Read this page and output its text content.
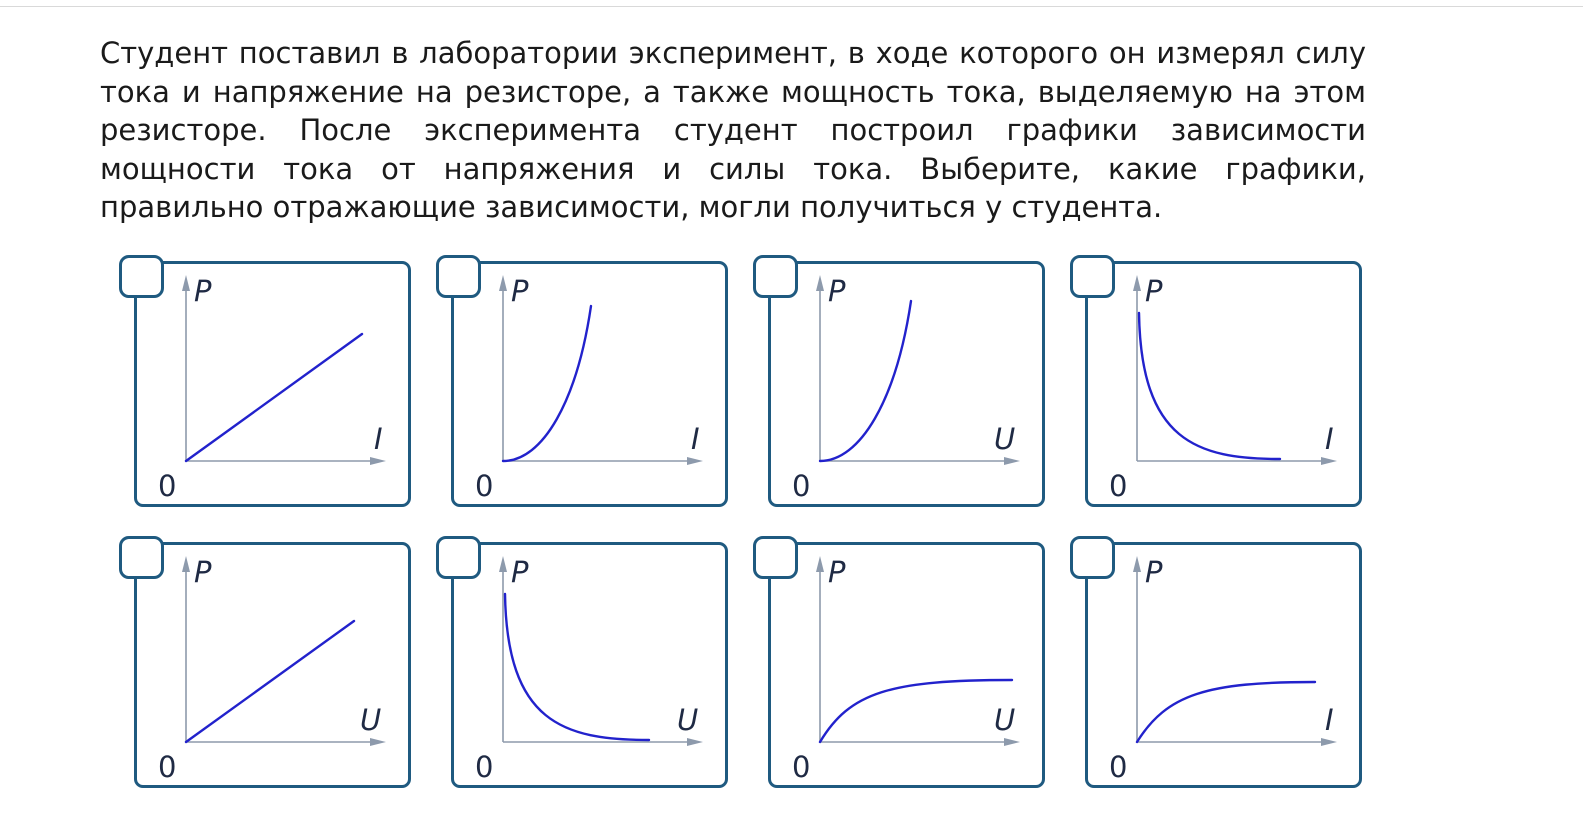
Студент поставил в лаборатории эксперимент, в ходе которого он измерял силу тока и напряжение на резисторе, а также мощность тока, выделяемую на этом резисторе. После эксперимента студент построил графики зависимости мощности тока от напряжения и силы тока. Выберите, какие графики, правильно отражающие зависимости, могли получиться у студента.

P
I
0
P
I
0
P
U
0
P
I
0
P
U
0
P
U
0
P
U
0
P
I
0
